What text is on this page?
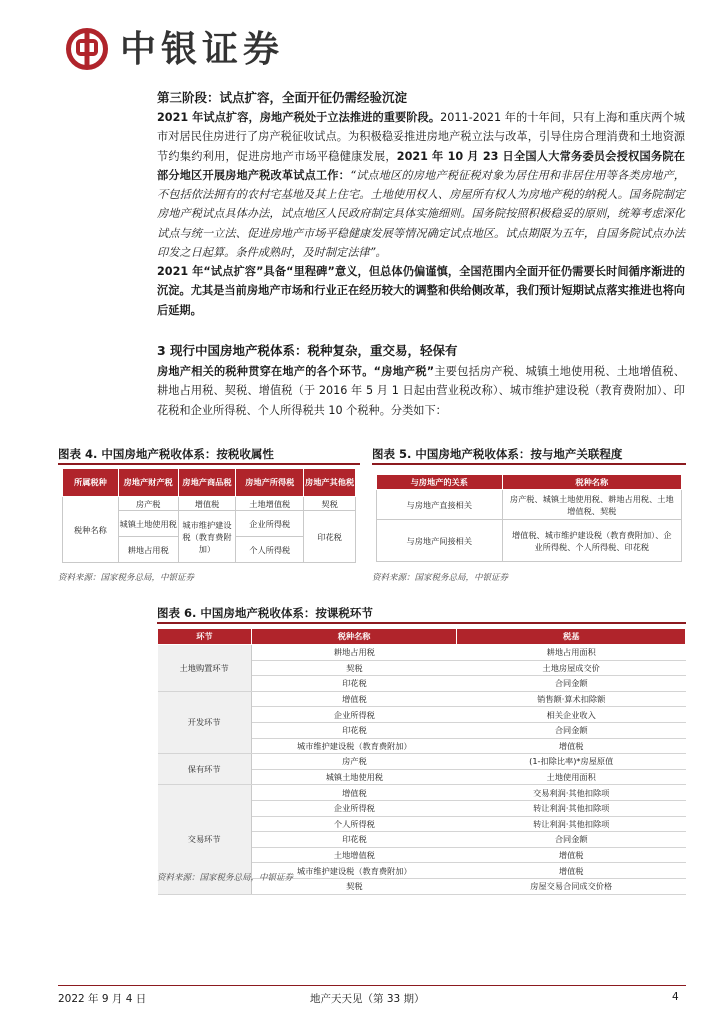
中银证券
第三阶段：试点扩容，全面开征仍需经验沉淀
2021 年试点扩容，房地产税处于立法推进的重要阶段。2011-2021 年的十年间，只有上海和重庆两个城市对居民住房进行了房产税征收试点。为积极稳妥推进房地产税立法与改革，引导住房合理消费和土地资源节约集约利用，促进房地产市场平稳健康发展，2021 年 10 月 23 日全国人大常务委员会授权国务院在部分地区开展房地产税改革试点工作：“试点地区的房地产税征税对象为居住用和非居住用等各类房地产，不包括依法拥有的农村宅基地及其上住宅。土地使用权人、房屋所有权人为房地产税的纳税人。国务院制定房地产税试点具体办法，试点地区人民政府制定具体实施细则。国务院按照积极稳妥的原则，统筹考虑深化试点与统一立法、促进房地产市场平稳健康发展等情况确定试点地区。试点期限为五年，自国务院试点办法印发之日起算。条件成熟时，及时制定法律”。
2021 年“试点扩容”具备“里程碑”意义，但总体仍偏谨慎，全国范围内全面开征仍需要长时间循序渐进的沉淀。尤其是当前房地产市场和行业正在经历较大的调整和供给侧改革，我们预计短期试点落实推进也将向后延期。
3 现行中国房地产税体系：税种复杂，重交易，轻保有
房地产相关的税种贯穿在地产的各个环节。“房地产税”主要包括房产税、城镇土地使用税、土地增值税、耕地占用税、契税、增值税（于 2016 年 5 月 1 日起由营业税改称）、城市维护建设税（教育费附加）、印花税和企业所得税、个人所得税共 10 个税种。分类如下：
图表 4. 中国房地产税收体系：按税收属性
所属税种	房地产财产税	房地产商品税	房地产所得税	房地产其他税
税种名称	房产税	增值税	土地增值税	契税
	城镇土地使用税	城市维护建设税（教育费附加）	企业所得税	印花税
	耕地占用税		个人所得税	

资料来源：国家税务总局，中银证券
图表 5. 中国房地产税收体系：按与地产关联程度
与房地产的关系	税种名称
与房地产直接相关	房产税、城镇土地使用税、耕地占用税、土地增值税、契税
与房地产间接相关	增值税、城市维护建设税（教育费附加）、企业所得税、个人所得税、印花税
资料来源：国家税务总局，中银证券
图表 6. 中国房地产税收体系：按课税环节
环节	税种名称	税基
土地购置环节	耕地占用税	耕地占用面积
	契税	土地房屋成交价
	印花税	合同金额
开发环节	增值税	销售额·算术扣除额
	企业所得税	相关企业收入
	印花税	合同金额
	城市维护建设税（教育费附加）	增值税
保有环节	房产税	(1-扣除比率)*房屋原值
	城镇土地使用税	土地使用面积
交易环节	增值税	交易利润·其他扣除项
	企业所得税	转让利润·其他扣除项
	个人所得税	转让利润·其他扣除项
	印花税	合同金额
	土地增值税	增值税
	城市维护建设税（教育费附加）	增值税
	契税	房屋交易合同成交价格
资料来源：国家税务总局，中银证券
2022 年 9 月 4 日	地产天天见（第 33 期）	4
